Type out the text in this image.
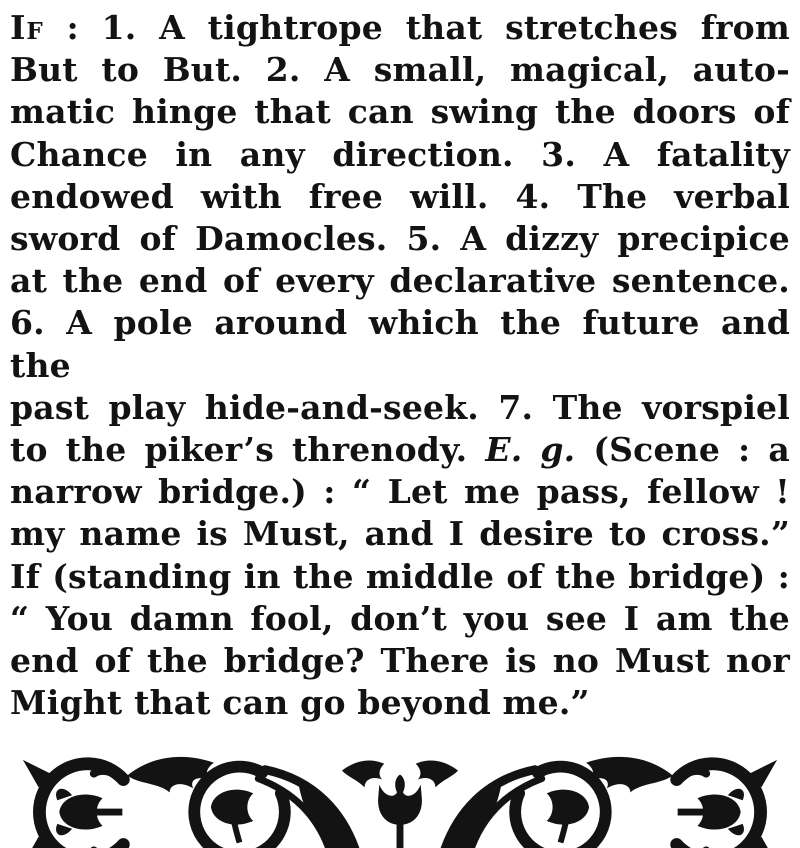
If : 1. A tightrope that stretches from
But to But. 2. A small, magical, auto-
matic hinge that can swing the doors of
Chance in any direction. 3. A fatality
endowed with free will. 4. The verbal
sword of Damocles. 5. A dizzy precipice
at the end of every declarative sentence.
6. A pole around which the future and the
past play hide-and-seek. 7. The vorspiel
to the piker’s threnody. E. g. (Scene : a
narrow bridge.) : “ Let me pass, fellow !
my name is Must, and I desire to cross.”
If (standing in the middle of the bridge) :
“ You damn fool, don’t you see I am the
end of the bridge? There is no Must nor
Might that can go beyond me.”
